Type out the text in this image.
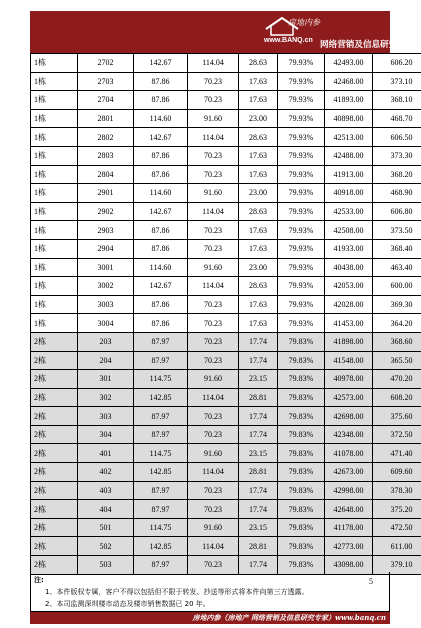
房地内参
www.BANQ.cn 网络营销及信息研究专家
1栋	2702	142.67	114.04	28.63	79.93%	42493.00	606.20
1栋	2703	87.86	70.23	17.63	79.93%	42468.00	373.10
1栋	2704	87.86	70.23	17.63	79.93%	41893.00	368.10
1栋	2801	114.60	91.60	23.00	79.93%	40898.00	468.70
1栋	2802	142.67	114.04	28.63	79.93%	42513.00	606.50
1栋	2803	87.86	70.23	17.63	79.93%	42488.00	373.30
1栋	2804	87.86	70.23	17.63	79.93%	41913.00	368.20
1栋	2901	114.60	91.60	23.00	79.93%	40918.00	468.90
1栋	2902	142.67	114.04	28.63	79.93%	42533.00	606.80
1栋	2903	87.86	70.23	17.63	79.93%	42508.00	373.50
1栋	2904	87.86	70.23	17.63	79.93%	41933.00	368.40
1栋	3001	114.60	91.60	23.00	79.93%	40438.00	463.40
1栋	3002	142.67	114.04	28.63	79.93%	42053.00	600.00
1栋	3003	87.86	70.23	17.63	79.93%	42028.00	369.30
1栋	3004	87.86	70.23	17.63	79.93%	41453.00	364.20
2栋	203	87.97	70.23	17.74	79.83%	41898.00	368.60
2栋	204	87.97	70.23	17.74	79.83%	41548.00	365.50
2栋	301	114.75	91.60	23.15	79.83%	40978.00	470.20
2栋	302	142.85	114.04	28.81	79.83%	42573.00	608.20
2栋	303	87.97	70.23	17.74	79.83%	42698.00	375.60
2栋	304	87.97	70.23	17.74	79.83%	42348.00	372.50
2栋	401	114.75	91.60	23.15	79.83%	41078.00	471.40
2栋	402	142.85	114.04	28.81	79.83%	42673.00	609.60
2栋	403	87.97	70.23	17.74	79.83%	42998.00	378.30
2栋	404	87.97	70.23	17.74	79.83%	42648.00	375.20
2栋	501	114.75	91.60	23.15	79.83%	41178.00	472.50
2栋	502	142.85	114.04	28.81	79.83%	42773.00	611.00
2栋	503	87.97	70.23	17.74	79.83%	43098.00	379.10
注:
1、本件版权专属，客户不得以包括但不限于转发、抄送等形式将本件向第三方透露。
2、本司监测深圳楼市动态及楼市销售数据已 20 年。
5
房地内参（房地产 网络营销及信息研究专家）www.banq.cn
